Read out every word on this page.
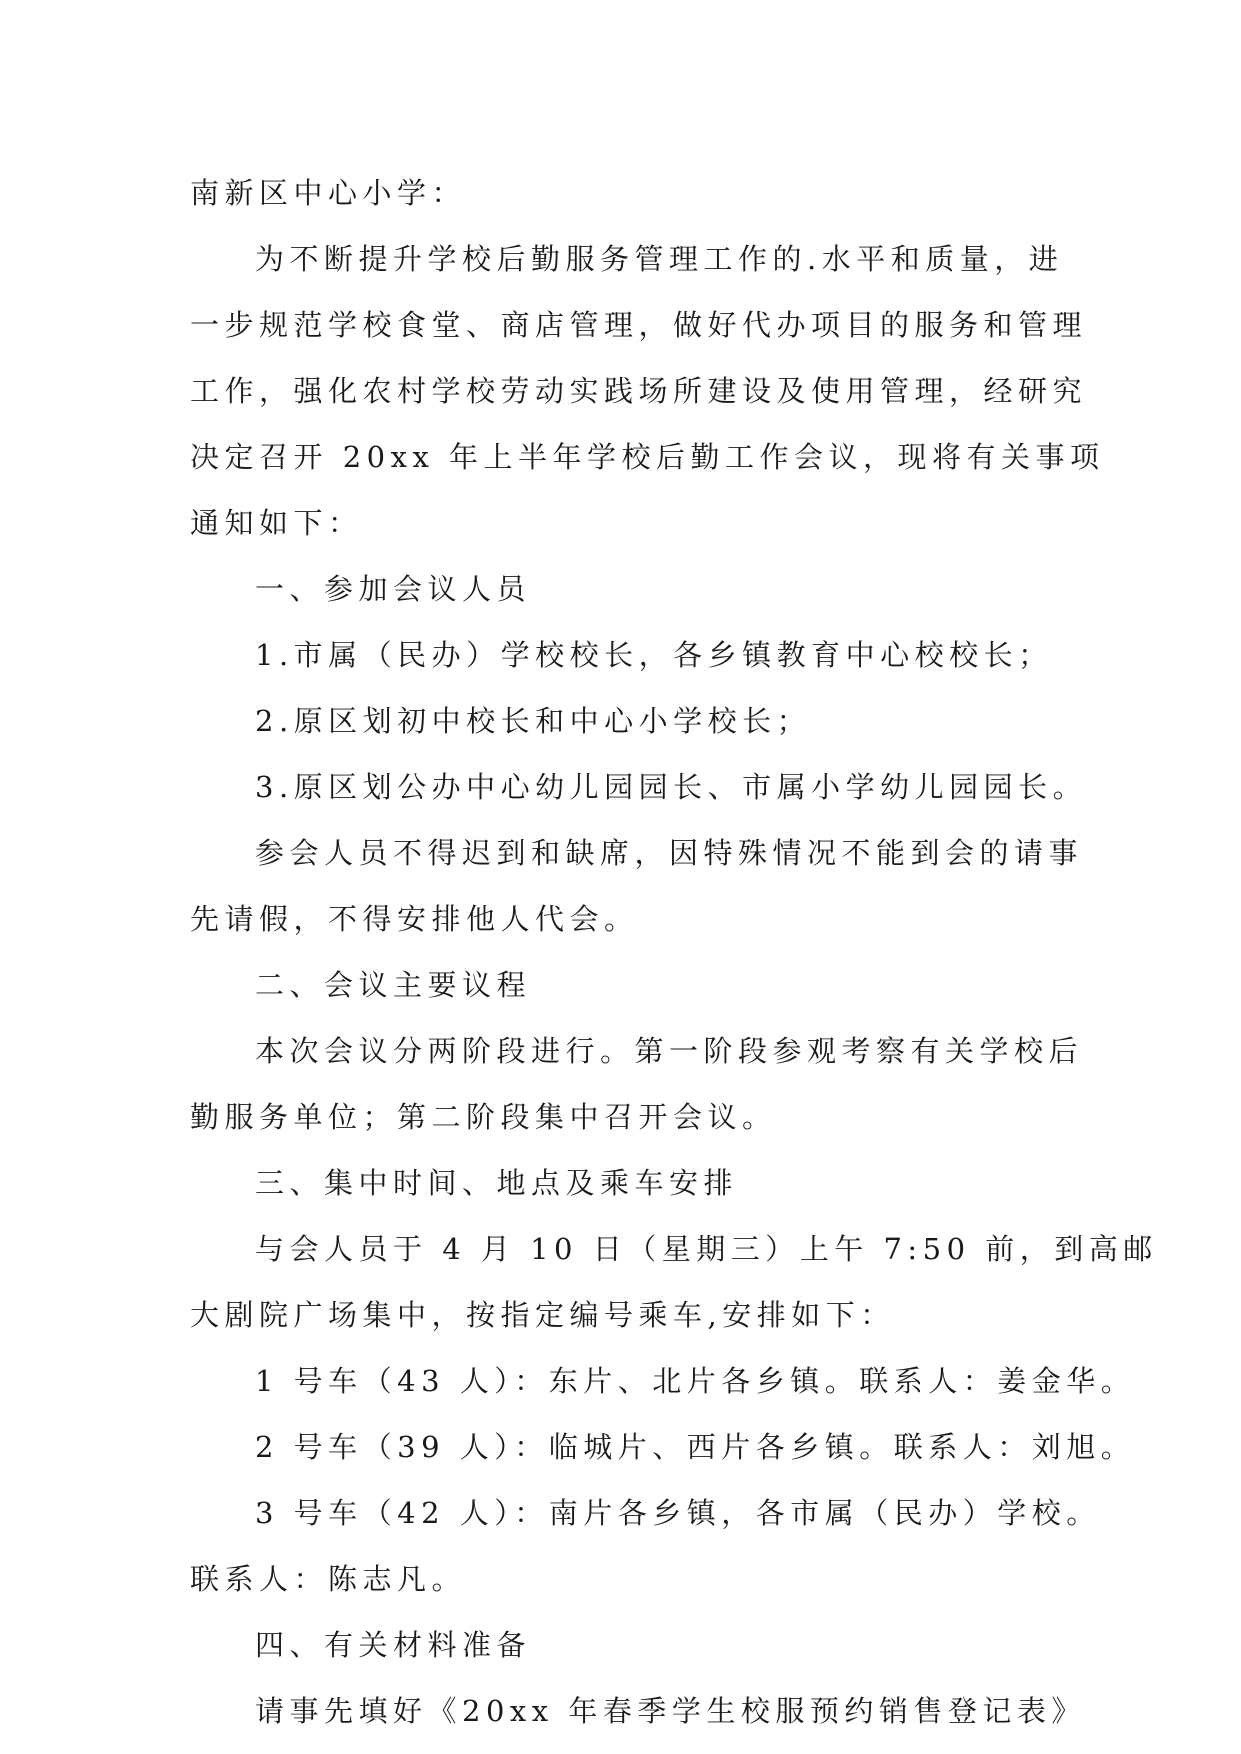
南新区中心小学：
为不断提升学校后勤服务管理工作的.水平和质量，进
一步规范学校食堂、商店管理，做好代办项目的服务和管理
工作，强化农村学校劳动实践场所建设及使用管理，经研究
决定召开 20xx 年上半年学校后勤工作会议，现将有关事项
通知如下：
一、参加会议人员
1.市属（民办）学校校长，各乡镇教育中心校校长；
2.原区划初中校长和中心小学校长；
3.原区划公办中心幼儿园园长、市属小学幼儿园园长。
参会人员不得迟到和缺席，因特殊情况不能到会的请事
先请假，不得安排他人代会。
二、会议主要议程
本次会议分两阶段进行。第一阶段参观考察有关学校后
勤服务单位；第二阶段集中召开会议。
三、集中时间、地点及乘车安排
与会人员于 4 月 10 日（星期三）上午 7:50 前，到高邮
大剧院广场集中，按指定编号乘车,安排如下：
1 号车（43 人）：东片、北片各乡镇。联系人：姜金华。
2 号车（39 人）：临城片、西片各乡镇。联系人：刘旭。
3 号车（42 人）：南片各乡镇，各市属（民办）学校。
联系人：陈志凡。
四、有关材料准备
请事先填好《20xx 年春季学生校服预约销售登记表》
